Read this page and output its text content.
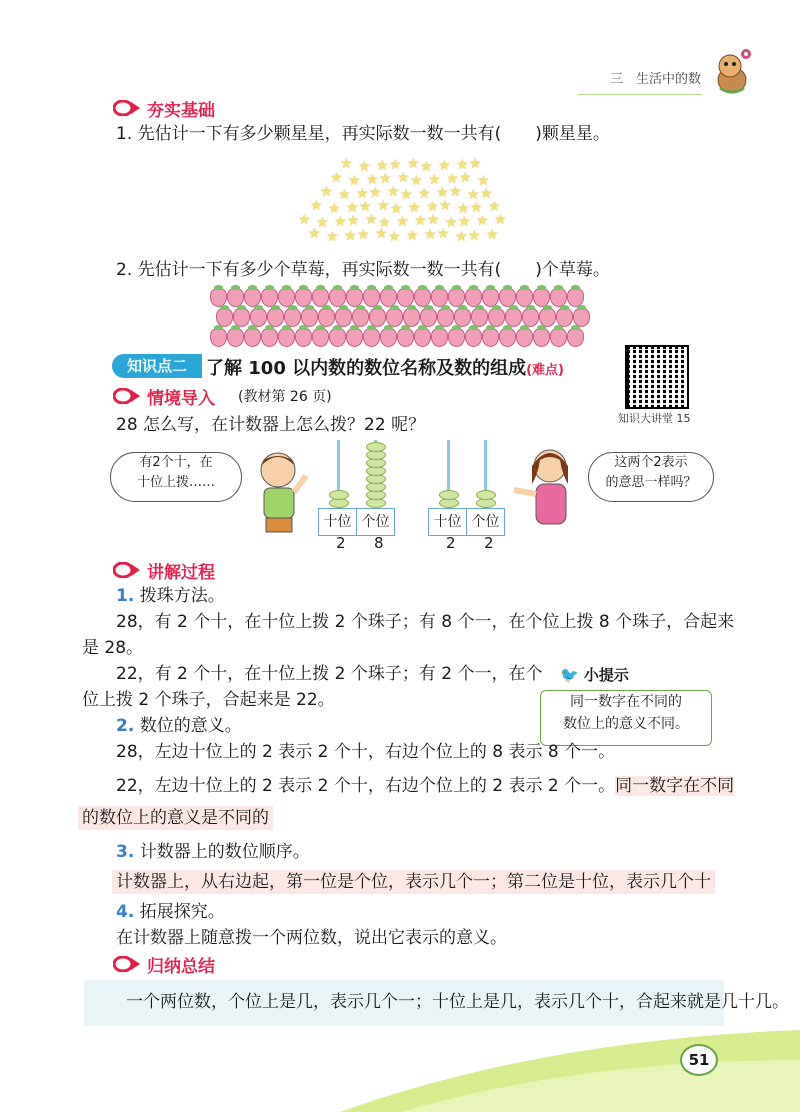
三　 生活中的数
夯实基础
1. 先估计一下有多少颗星星，再实际数一数一共有(　　)颗星星。
★ ★ ★ ★ ★ ★ ★ ★ ★
★ ★ ★ ★ ★ ★ ★ ★ ★ ★
★ ★ ★ ★ ★ ★ ★ ★ ★ ★ ★
★ ★ ★ ★ ★ ★ ★ ★ ★ ★ ★ ★
★ ★ ★ ★ ★ ★ ★ ★ ★ ★ ★ ★ ★
★ ★ ★ ★ ★ ★ ★ ★ ★ ★ ★ ★
2. 先估计一下有多少个草莓，再实际数一数一共有(　　)个草莓。
知识点二	了解 100 以内数的数位名称及数的组成(难点)
知识大讲堂 15
情境导入 (教材第 26 页)
28 怎么写，在计数器上怎么拨？22 呢？
有2个十，在
十位上拨……
十位 个位
2 8
十位 个位
2 2
这两个2表示
的意思一样吗？
讲解过程
1. 拨珠方法。
28，有 2 个十，在十位上拨 2 个珠子；有 8 个一，在个位上拨 8 个珠子，合起来
是 28。
22，有 2 个十，在十位上拨 2 个珠子；有 2 个一，在个
位上拨 2 个珠子，合起来是 22。
🐦 小提示
同一数字在不同的
数位上的意义不同。
2. 数位的意义。
28，左边十位上的 2 表示 2 个十，右边个位上的 8 表示 8 个一。
22，左边十位上的 2 表示 2 个十，右边个位上的 2 表示 2 个一。同一数字在不同
的数位上的意义是不同的
3. 计数器上的数位顺序。
计数器上，从右边起，第一位是个位，表示几个一；第二位是十位，表示几个十
4. 拓展探究。
在计数器上随意拨一个两位数，说出它表示的意义。
归纳总结
一个两位数，个位上是几，表示几个一；十位上是几，表示几个十，合起来就是几十几。
51
